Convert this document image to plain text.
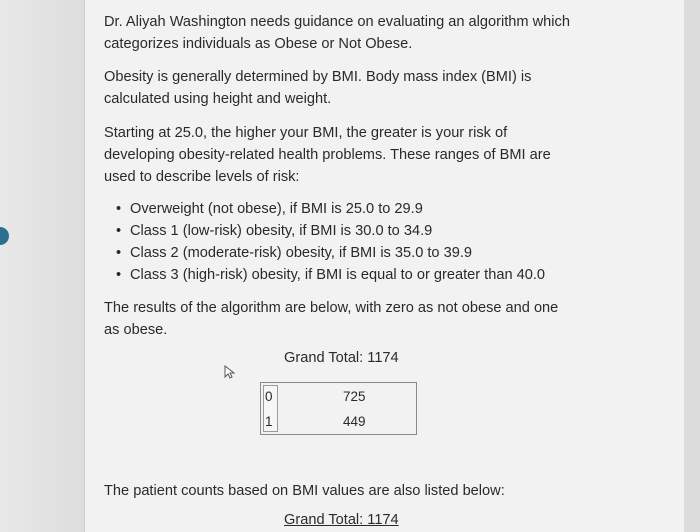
Dr. Aliyah Washington needs guidance on evaluating an algorithm which categorizes individuals as Obese or Not Obese.

Obesity is generally determined by BMI. Body mass index (BMI) is calculated using height and weight.

Starting at 25.0, the higher your BMI, the greater is your risk of developing obesity-related health problems. These ranges of BMI are used to describe levels of risk:

• Overweight (not obese), if BMI is 25.0 to 29.9
• Class 1 (low-risk) obesity, if BMI is 30.0 to 34.9
• Class 2 (moderate-risk) obesity, if BMI is 35.0 to 39.9
• Class 3 (high-risk) obesity, if BMI is equal to or greater than 40.0

The results of the algorithm are below, with zero as not obese and one as obese.

Grand Total: 1174

0	725
1	449

The patient counts based on BMI values are also listed below:

Grand Total: 1174
